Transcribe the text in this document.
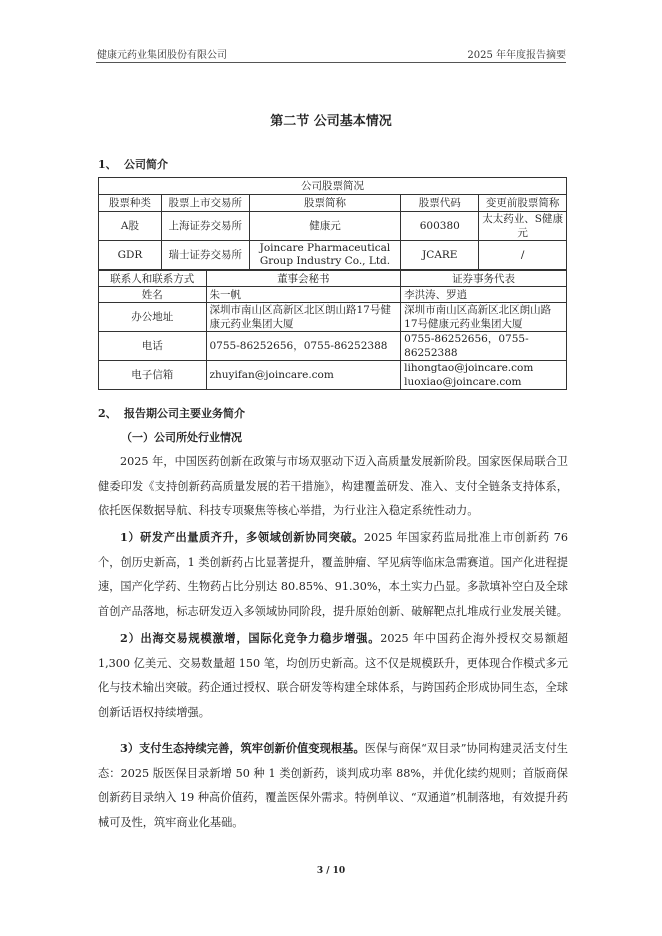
健康元药业集团股份有限公司	2025 年年度报告摘要
第二节 公司基本情况
1、 公司简介
公司股票简况				
股票种类	股票上市交易所	股票简称	股票代码	变更前股票简称
A股	上海证券交易所	健康元	600380	太太药业、S健康元
GDR	瑞士证券交易所	Joincare Pharmaceutical Group Industry Co., Ltd.	JCARE	/
联系人和联系方式	董事会秘书	证券事务代表
姓名	朱一帆	李洪涛、罗逍
办公地址	深圳市南山区高新区北区朗山路17号健康元药业集团大厦	深圳市南山区高新区北区朗山路17号健康元药业集团大厦
电话	0755-86252656，0755-86252388	0755-86252656，0755-86252388
电子信箱	zhuyifan@joincare.com	lihongtao@joincare.com
luoxiao@joincare.com
2、 报告期公司主要业务简介
（一）公司所处行业情况
2025 年，中国医药创新在政策与市场双驱动下迈入高质量发展新阶段。国家医保局联合卫健委印发《支持创新药高质量发展的若干措施》，构建覆盖研发、准入、支付全链条支持体系，依托医保数据导航、科技专项聚焦等核心举措，为行业注入稳定系统性动力。
1）研发产出量质齐升，多领域创新协同突破。2025 年国家药监局批准上市创新药 76 个，创历史新高，1 类创新药占比显著提升，覆盖肿瘤、罕见病等临床急需赛道。国产化进程提速，国产化学药、生物药占比分别达 80.85%、91.30%，本土实力凸显。多款填补空白及全球首创产品落地，标志研发迈入多领域协同阶段，提升原始创新、破解靶点扎堆成行业发展关键。
2）出海交易规模激增，国际化竞争力稳步增强。2025 年中国药企海外授权交易额超 1,300 亿美元、交易数量超 150 笔，均创历史新高。这不仅是规模跃升，更体现合作模式多元化与技术输出突破。药企通过授权、联合研发等构建全球体系，与跨国药企形成协同生态，全球创新话语权持续增强。
3）支付生态持续完善，筑牢创新价值变现根基。医保与商保“双目录”协同构建灵活支付生态：2025 版医保目录新增 50 种 1 类创新药，谈判成功率 88%，并优化续约规则；首版商保创新药目录纳入 19 种高价值药，覆盖医保外需求。特例单议、“双通道”机制落地，有效提升药械可及性，筑牢商业化基础。
3 / 10
